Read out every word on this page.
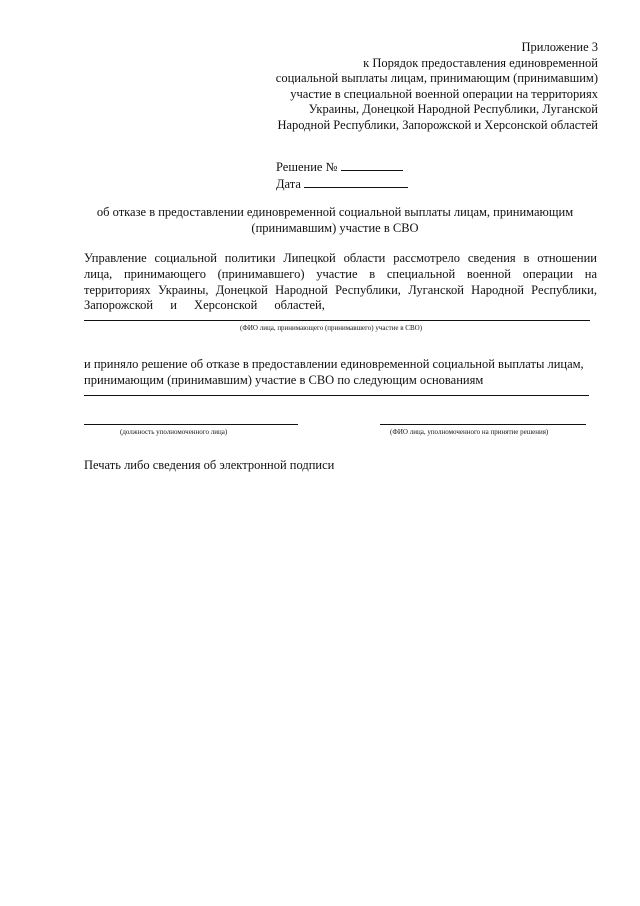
Приложение 3
к Порядок предоставления единовременной
социальной выплаты лицам, принимающим (принимавшим)
участие в специальной военной операции на территориях
Украины, Донецкой Народной Республики, Луганской
Народной Республики, Запорожской и Херсонской областей
Решение №
Дата
об отказе в предоставлении единовременной социальной выплаты лицам, принимающим
(принимавшим) участие в СВО
Управление социальной политики Липецкой области рассмотрело сведения в отношении
лица, принимающего (принимавшего) участие в специальной военной операции на
территориях Украины, Донецкой Народной Республики, Луганской Народной Республики,
Запорожской и Херсонской областей,
(ФИО лица, принимающего (принимавшего) участие в СВО)
и приняло решение об отказе в предоставлении единовременной социальной выплаты лицам,
принимающим (принимавшим) участие в СВО по следующим основаниям
(должность уполномоченного лица)	(ФИО лица, уполномоченного на принятие решения)
Печать либо сведения об электронной подписи
